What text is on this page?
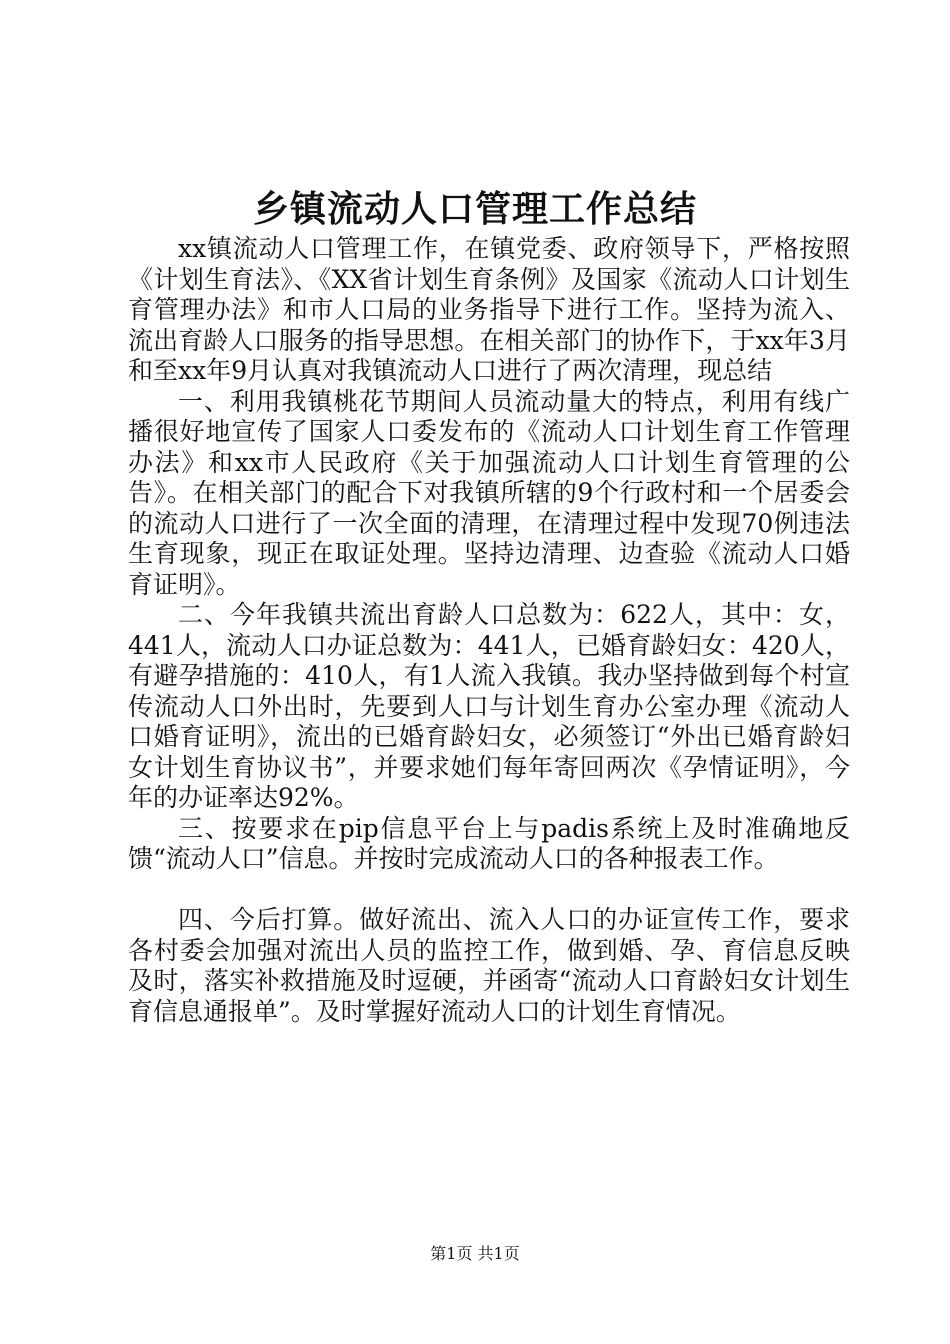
乡镇流动人口管理工作总结

xx镇流动人口管理工作，在镇党委、政府领导下，严格按照《计划生育法》、《XX省计划生育条例》及国家《流动人口计划生育管理办法》和市人口局的业务指导下进行工作。坚持为流入、流出育龄人口服务的指导思想。在相关部门的协作下，于xx年3月和至xx年9月认真对我镇流动人口进行了两次清理，现总结

一、利用我镇桃花节期间人员流动量大的特点，利用有线广播很好地宣传了国家人口委发布的《流动人口计划生育工作管理办法》和xx市人民政府《关于加强流动人口计划生育管理的公告》。在相关部门的配合下对我镇所辖的9个行政村和一个居委会的流动人口进行了一次全面的清理，在清理过程中发现70例违法生育现象，现正在取证处理。坚持边清理、边查验《流动人口婚育证明》。

二、今年我镇共流出育龄人口总数为：622人，其中：女，441人，流动人口办证总数为：441人，已婚育龄妇女：420人，有避孕措施的：410人，有1人流入我镇。我办坚持做到每个村宣传流动人口外出时，先要到人口与计划生育办公室办理《流动人口婚育证明》，流出的已婚育龄妇女，必须签订“外出已婚育龄妇女计划生育协议书”，并要求她们每年寄回两次《孕情证明》，今年的办证率达92%。

三、按要求在pip信息平台上与padis系统上及时准确地反馈“流动人口”信息。并按时完成流动人口的各种报表工作。

四、今后打算。做好流出、流入人口的办证宣传工作，要求各村委会加强对流出人员的监控工作，做到婚、孕、育信息反映及时，落实补救措施及时逗硬，并函寄“流动人口育龄妇女计划生育信息通报单”。及时掌握好流动人口的计划生育情况。

第1页 共1页
